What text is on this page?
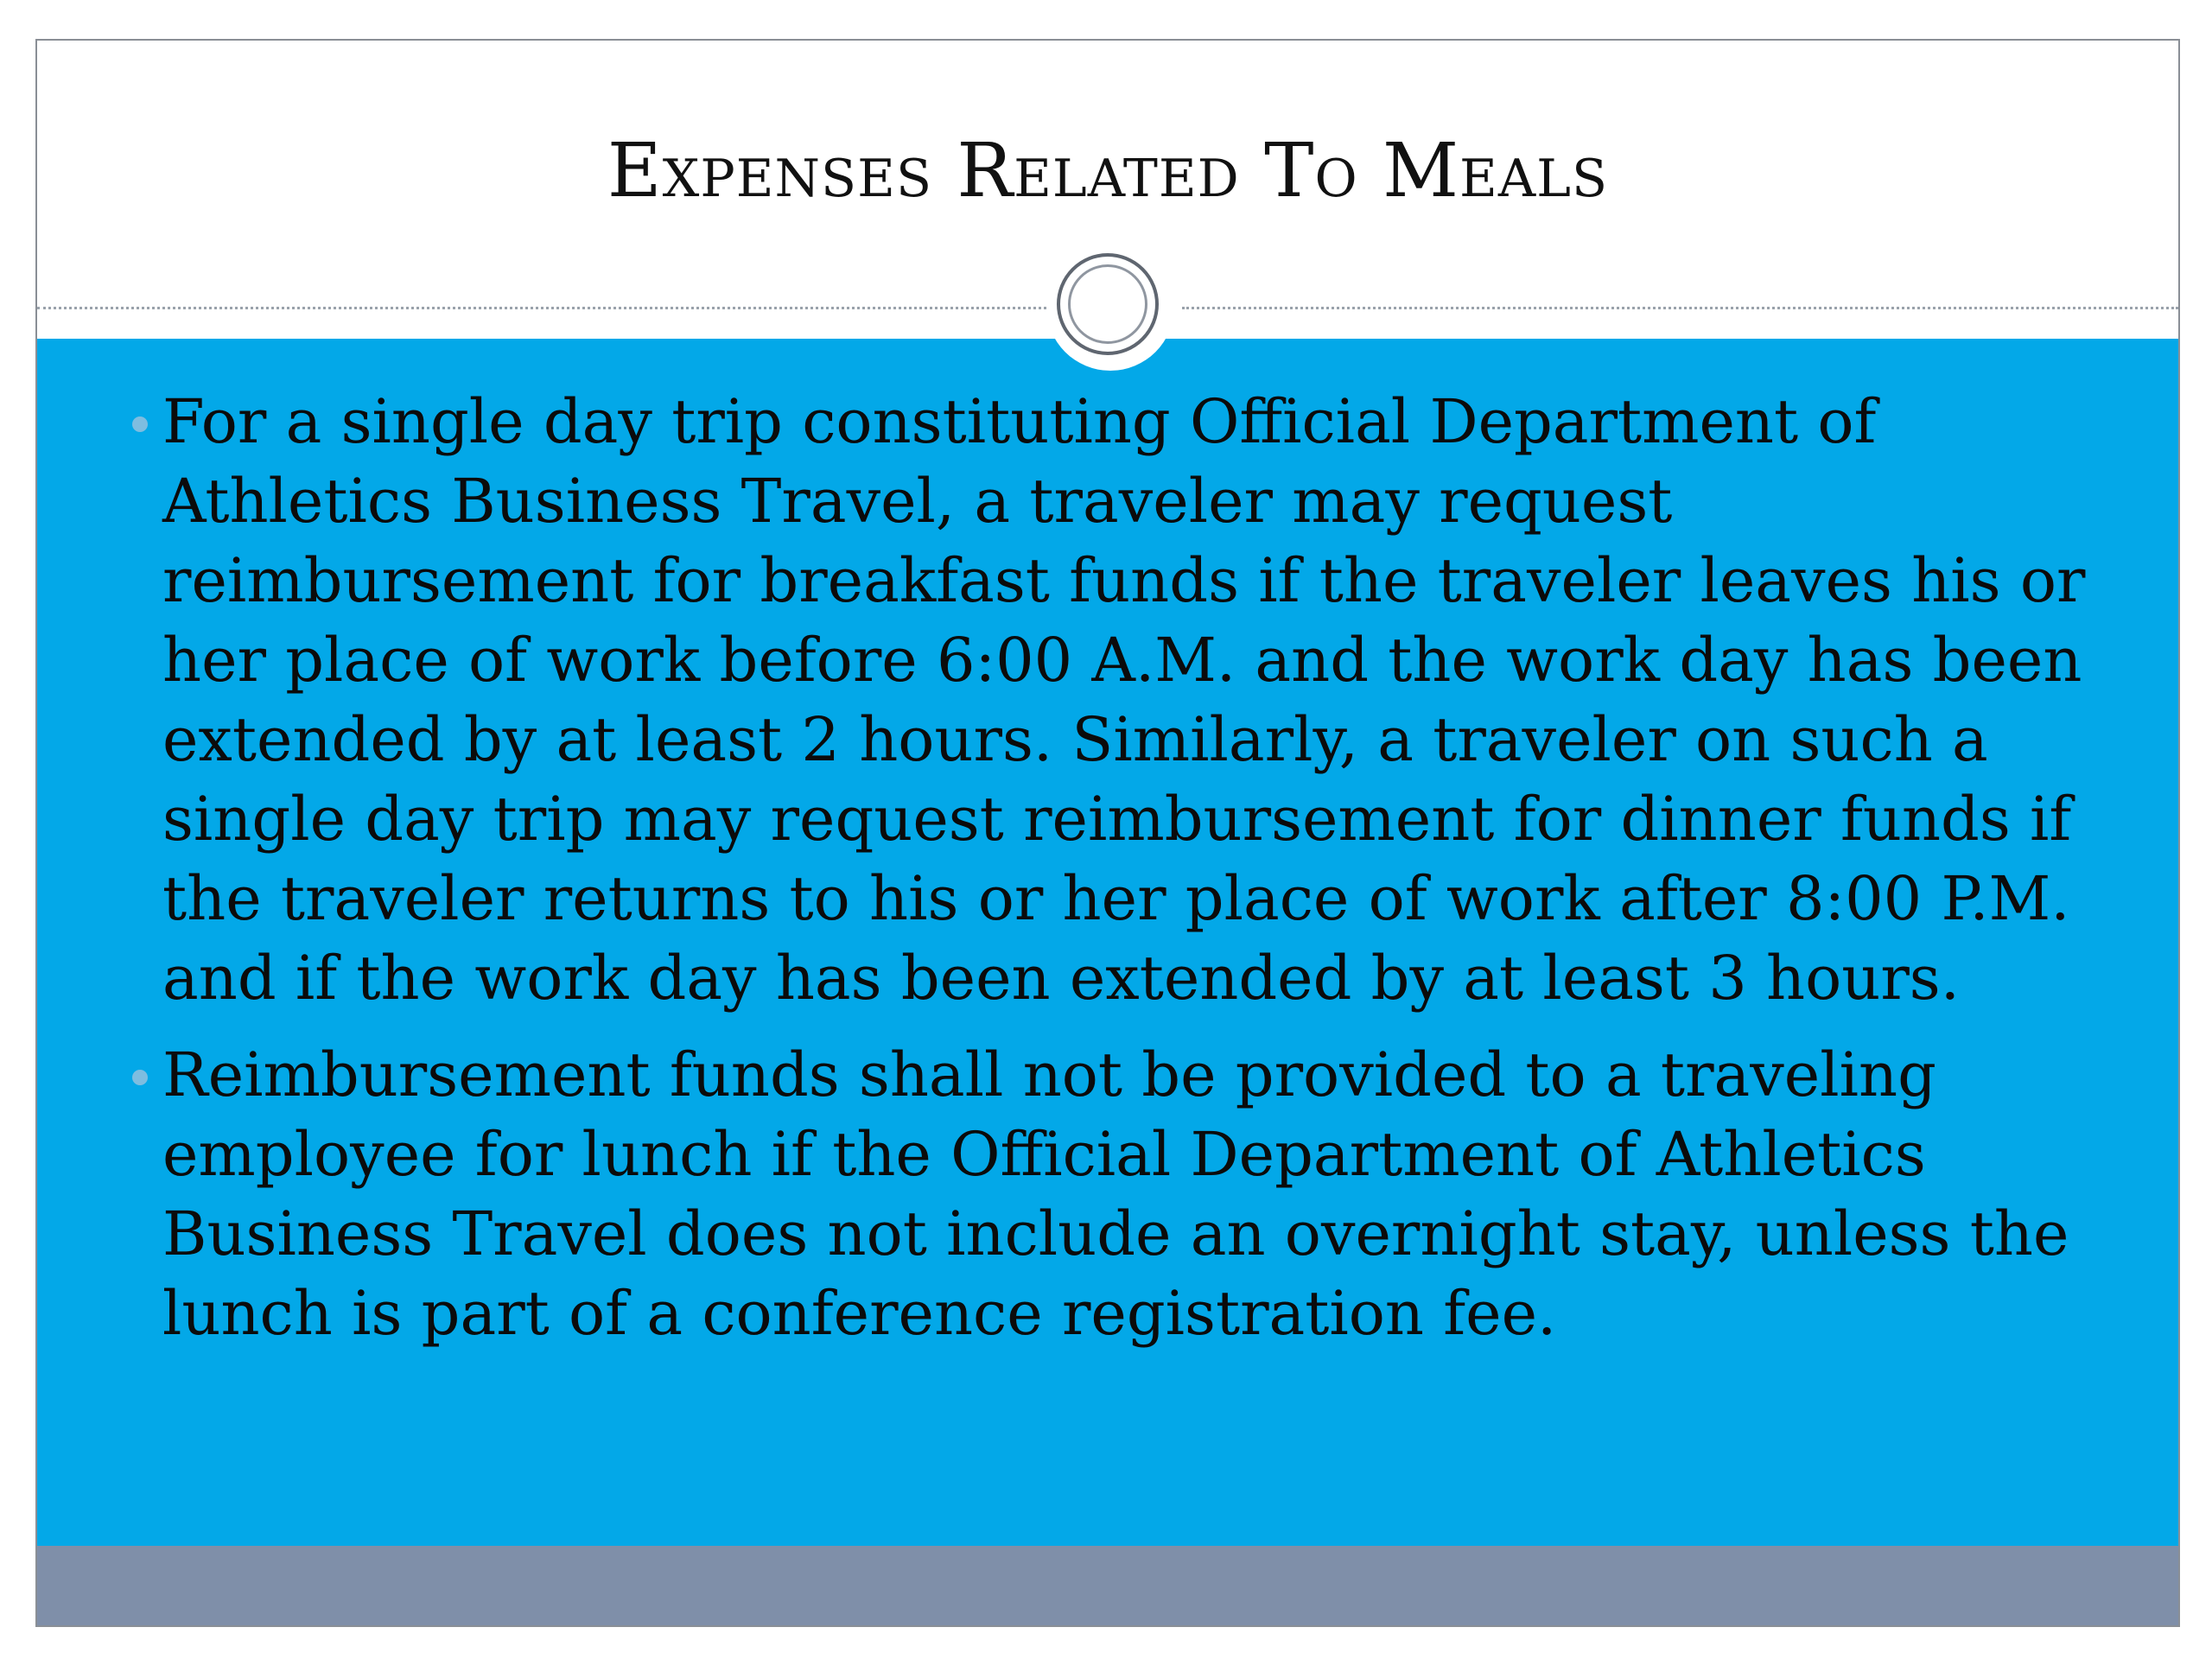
Expenses Related To Meals
For a single day trip constituting Official Department of Athletics Business Travel, a traveler may request reimbursement for breakfast funds if the traveler leaves his or her place of work before 6:00 A.M. and the work day has been extended by at least 2 hours. Similarly, a traveler on such a single day trip may request reimbursement for dinner funds if the traveler returns to his or her place of work after 8:00 P.M. and if the work day has been extended by at least 3 hours.
Reimbursement funds shall not be provided to a traveling employee for lunch if the Official Department of Athletics Business Travel does not include an overnight stay, unless the lunch is part of a conference registration fee.
